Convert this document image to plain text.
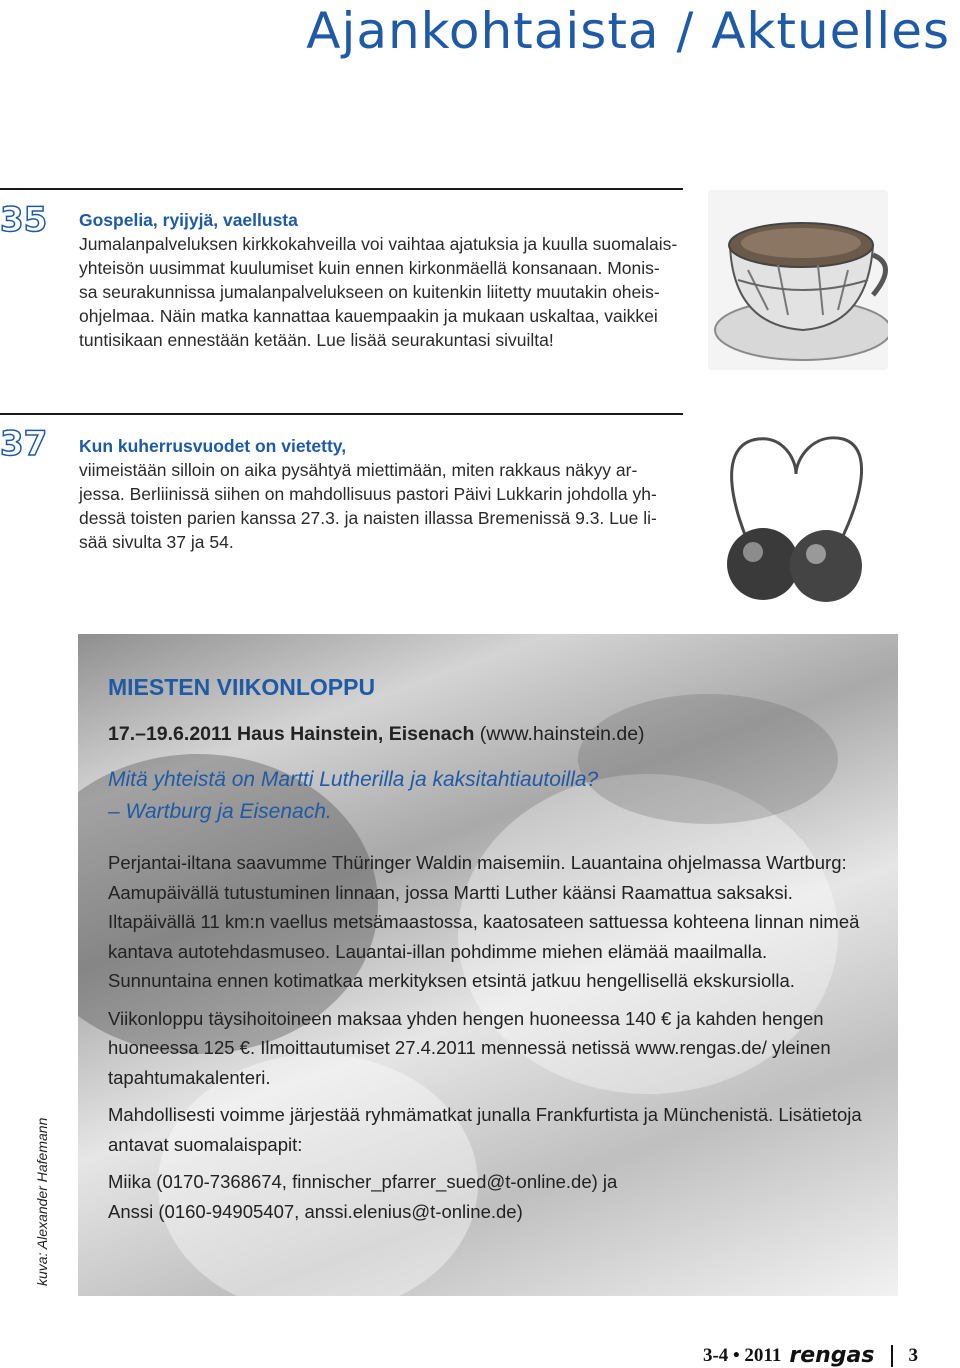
Ajankohtaista / Aktuelles
35 Gospelia, ryijyjä, vaellusta
Jumalanpalveluksen kirkkokahveilla voi vaihtaa ajatuksia ja kuulla suomalais-
yhteisön uusimmat kuulumiset kuin ennen kirkonmäellä konsanaan. Monis-
sa seurakunnissa jumalanpalvelukseen on kuitenkin liitetty muutakin oheis-
ohjelmaa. Näin matka kannattaa kauempaakin ja mukaan uskaltaa, vaikkei
tuntisikaan ennestään ketään. Lue lisää seurakuntasi sivuilta!
37 Kun kuherrusvuodet on vietetty,
viimeistään silloin on aika pysähtyä miettimään, miten rakkaus näkyy ar-
jessa. Berliinissä siihen on mahdollisuus pastori Päivi Lukkarin johdolla yh-
dessä toisten parien kanssa 27.3. ja naisten illassa Bremenissä 9.3. Lue li-
sää sivulta 37 ja 54.
MIESTEN VIIKONLOPPU
17.–19.6.2011 Haus Hainstein, Eisenach (www.hainstein.de)
Mitä yhteistä on Martti Lutherilla ja kaksitahtiautoilla?
– Wartburg ja Eisenach.
Perjantai-iltana saavumme Thüringer Waldin maisemiin. Lauantaina ohjelmassa Wartburg: Aamupäivällä tutustuminen linnaan, jossa Martti Luther käänsi Raamattua saksaksi. Iltapäivällä 11 km:n vaellus metsämaastossa, kaatosateen sattuessa kohteena linnan nimeä kantava autotehdasmuseo. Lauantai-illan pohdimme miehen elämää maailmalla. Sunnuntaina ennen kotimatkaa merkityksen etsintä jatkuu hengellisellä ekskursiolla.
Viikonloppu täysihoitoineen maksaa yhden hengen huoneessa 140 € ja kahden hengen huoneessa 125 €. Ilmoittautumiset 27.4.2011 mennessä netissä www.rengas.de/ yleinen tapahtumakalenteri.
Mahdollisesti voimme järjestää ryhmämatkat junalla Frankfurtista ja Münchenistä. Lisätietoja antavat suomalaispapit:
Miika (0170-7368674, finnischer_pfarrer_sued@t-online.de) ja
Anssi (0160-94905407, anssi.elenius@t-online.de)
kuva: Alexander Hafemann
3-4 • 2011 rengas 3
